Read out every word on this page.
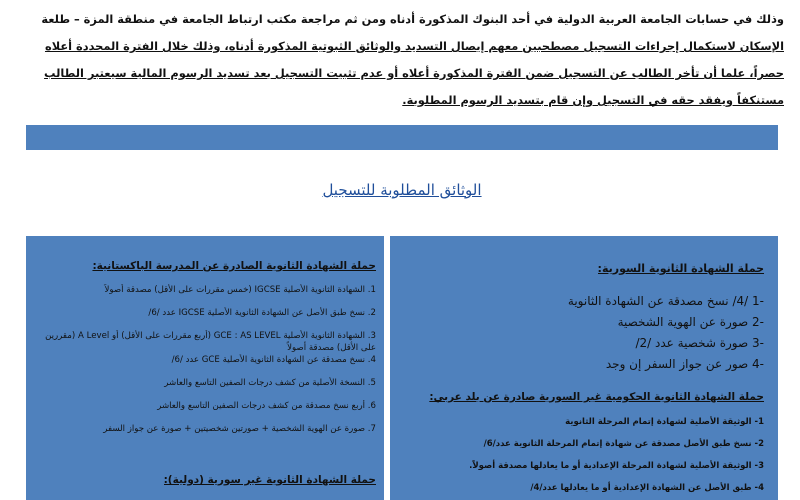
وذلك في حسابات الجامعة العربية الدولية في أحد البنوك المذكورة أدناه ومن ثم مراجعة مكتب ارتباط الجامعة في منطقة المزة – طلعة
الإسكان لاستكمال إجراءات التسجيل مصطحبين معهم إيصال التسديد والوثائق الثبوتية المذكورة أدناه، وذلك خلال الفترة المحددة أعلاه
حصراً، علما أن تأخر الطالب عن التسجيل ضمن الفترة المذكورة أعلاه أو عدم تثبيت التسجيل بعد تسديد الرسوم المالية سيعتبر الطالب
مستنكفاً ويفقد حقه في التسجيل وإن قام بتسديد الرسوم المطلوبة.
الوثائق المطلوبة للتسجيل
حملة الشهادة الثانوية السورية:
-1 /4/ نسخ مصدقة عن الشهادة الثانوية
-2 صورة عن الهوية الشخصية
-3 صورة شخصية عدد /2/
-4 صور عن جواز السفر إن وجد
حملة الشهادة الثانوية الحكومية غير السورية صادرة عن بلد عربي:
1- الوثيقة الأصلية لشهادة إتمام المرحلة الثانوية
2- نسخ طبق الأصل مصدقة عن شهادة إتمام المرحلة الثانوية عدد/6/
3- الوثيقة الأصلية لشهادة المرحلة الإعدادية أو ما يعادلها مصدقة أصولاً.
4- طبق الأصل عن الشهادة الإعدادية أو ما يعادلها عدد/4/
حملة الشهادة الثانوية الصادرة عن المدرسة الباكستانية:
1. الشهادة الثانوية الأصلية IGCSE (خمس مقررات على الأقل) مصدقة أصولاً
2. نسخ طبق الأصل عن الشهادة الثانوية الأصلية IGCSE عدد /6/
3. الشهادة الثانوية الأصلية GCE : AS LEVEL (أربع مقررات على الأقل) أو A Level (مقررين على الأقل) مصدقة أصولاً
4. نسخ مصدقة عن الشهادة الثانوية الأصلية GCE عدد /6/
5. النسخة الأصلية من كشف درجات الصفين التاسع والعاشر
6. أربع نسخ مصدقة من كشف درجات الصفين التاسع والعاشر
7. صورة عن الهوية الشخصية + صورتين شخصيتين + صورة عن جواز السفر
حملة الشهادة الثانوية غير سورية (دولية):
